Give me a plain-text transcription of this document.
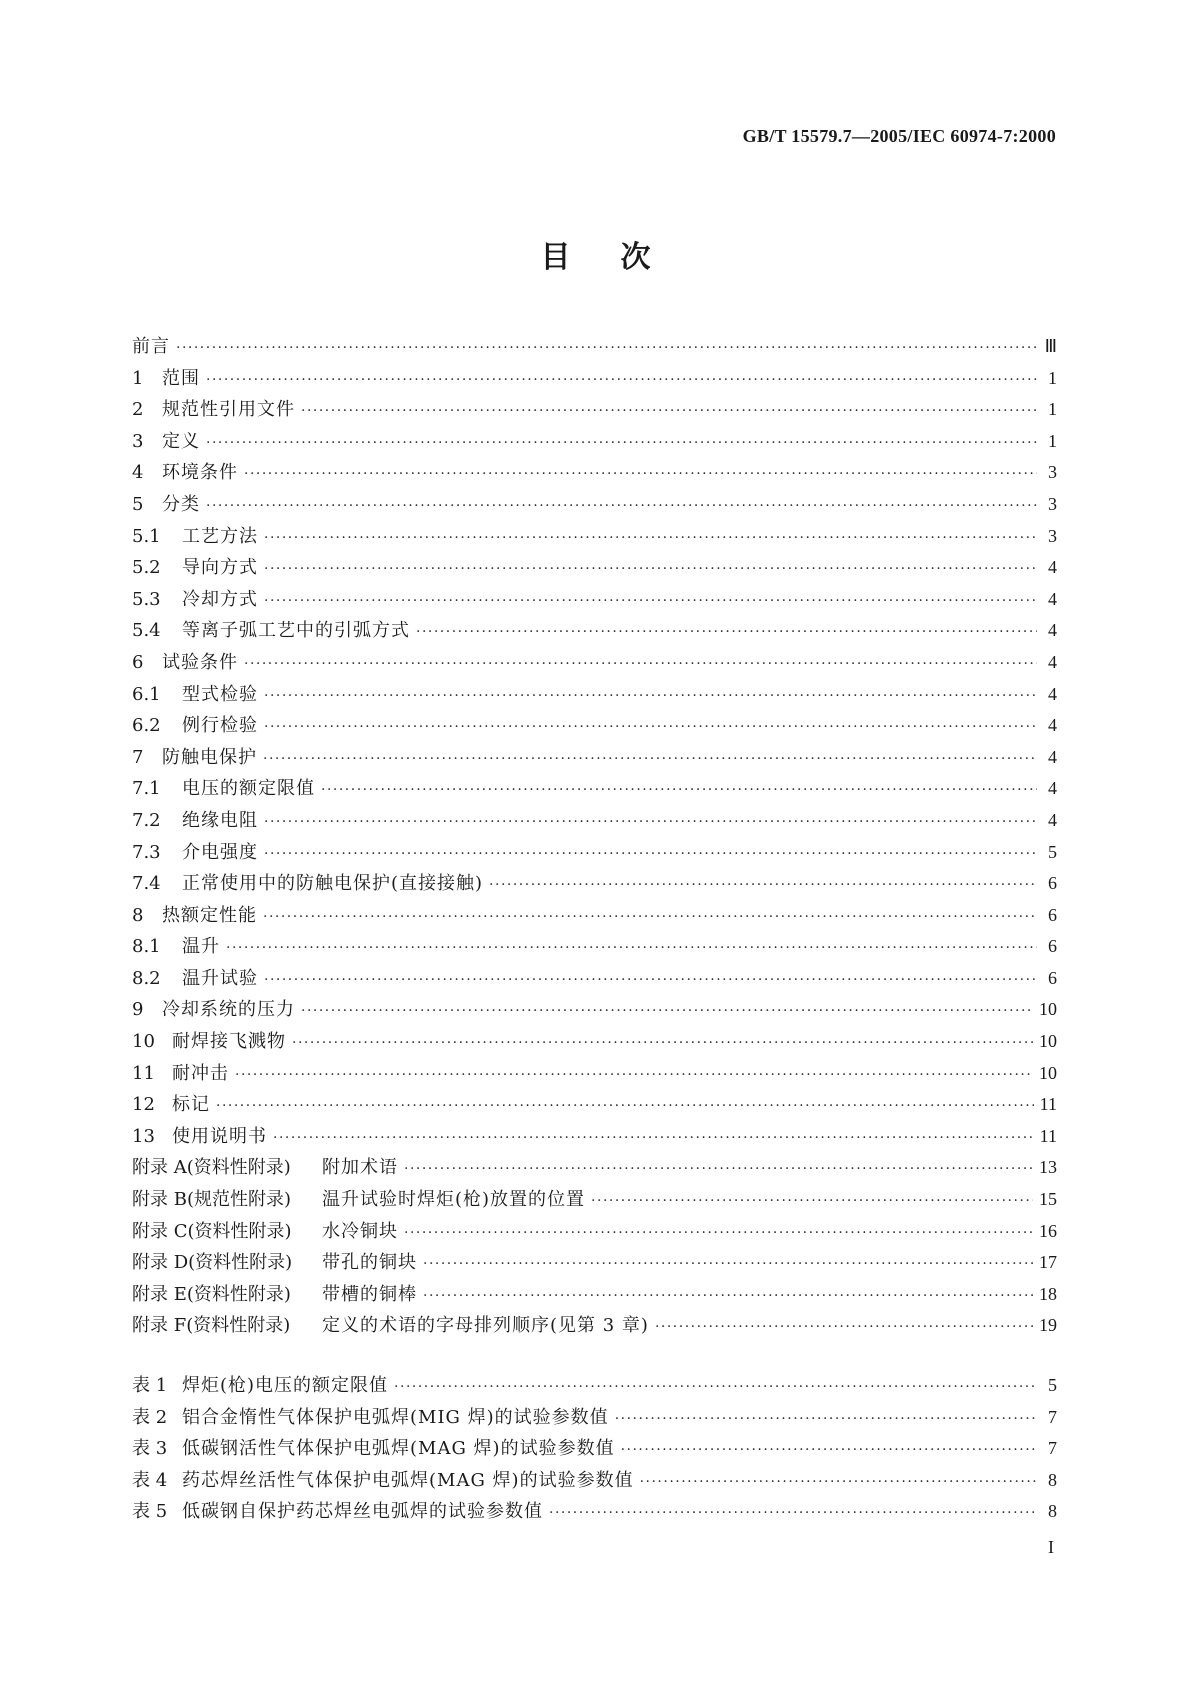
GB/T 15579.7—2005/IEC 60974-7:2000
目次
前言 ·····	Ⅲ
1	范围 ·····	1
2	规范性引用文件 ·····	1
3	定义 ·····	1
4	环境条件 ·····	3
5	分类 ·····	3
5.1	工艺方法 ·····	3
5.2	导向方式 ·····	4
5.3	冷却方式 ·····	4
5.4	等离子弧工艺中的引弧方式 ·····	4
6	试验条件 ·····	4
6.1	型式检验 ·····	4
6.2	例行检验 ·····	4
7	防触电保护 ·····	4
7.1	电压的额定限值 ·····	4
7.2	绝缘电阻 ·····	4
7.3	介电强度 ·····	5
7.4	正常使用中的防触电保护(直接接触) ·····	6
8	热额定性能 ·····	6
8.1	温升 ·····	6
8.2	温升试验 ·····	6
9	冷却系统的压力 ·····	10
10 耐焊接飞溅物 ·····	10
11 耐冲击 ·····	10
12 标记 ·····	11
13 使用说明书 ·····	11
附录 A(资料性附录)	附加术语 ·····	13
附录 B(规范性附录)	温升试验时焊炬(枪)放置的位置 ·····	15
附录 C(资料性附录)	水冷铜块 ·····	16
附录 D(资料性附录)	带孔的铜块 ·····	17
附录 E(资料性附录)	带槽的铜棒 ·····	18
附录 F(资料性附录)	定义的术语的字母排列顺序(见第 3 章) ·····	19
表 1 焊炬(枪)电压的额定限值 ·····	5
表 2 铝合金惰性气体保护电弧焊(MIG 焊)的试验参数值 ·····	7
表 3 低碳钢活性气体保护电弧焊(MAG 焊)的试验参数值 ·····	7
表 4 药芯焊丝活性气体保护电弧焊(MAG 焊)的试验参数值 ·····	8
表 5 低碳钢自保护药芯焊丝电弧焊的试验参数值 ·····	8
I
